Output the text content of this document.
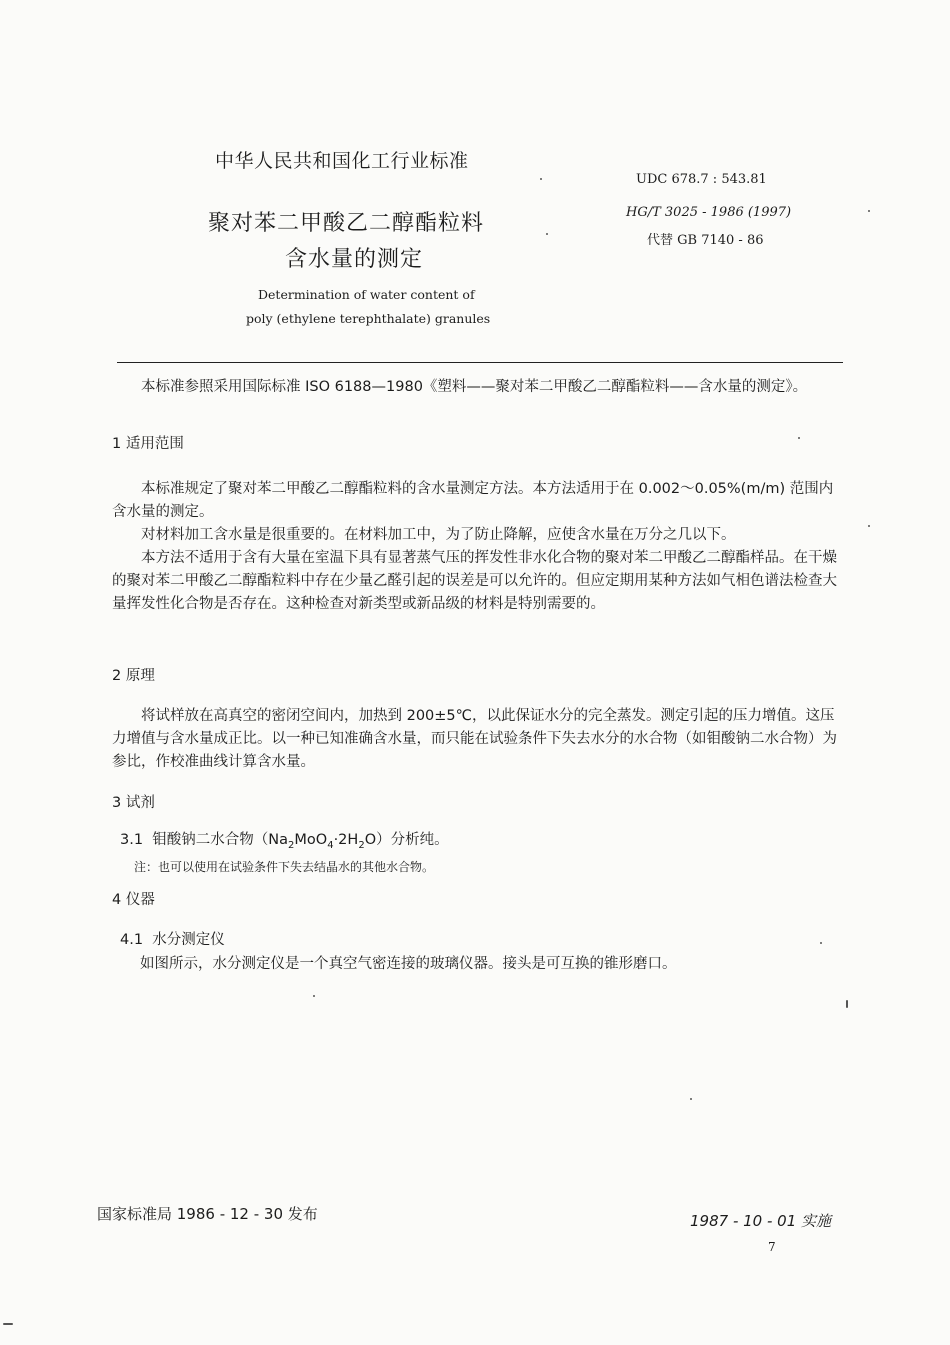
中华人民共和国化工行业标准
聚对苯二甲酸乙二醇酯粒料
含水量的测定
Determination of water content of
poly (ethylene terephthalate) granules
UDC 678.7 : 543.81
HG/T 3025 - 1986 (1997)
代替 GB 7140 - 86
本标准参照采用国际标准 ISO 6188—1980《塑料——聚对苯二甲酸乙二醇酯粒料——含水量的测定》。
1 适用范围
本标准规定了聚对苯二甲酸乙二醇酯粒料的含水量测定方法。本方法适用于在 0.002～0.05%(m/m) 范围内含水量的测定。
对材料加工含水量是很重要的。在材料加工中，为了防止降解，应使含水量在万分之几以下。
本方法不适用于含有大量在室温下具有显著蒸气压的挥发性非水化合物的聚对苯二甲酸乙二醇酯样品。在干燥的聚对苯二甲酸乙二醇酯粒料中存在少量乙醛引起的误差是可以允许的。但应定期用某种方法如气相色谱法检查大量挥发性化合物是否存在。这种检查对新类型或新品级的材料是特别需要的。
2 原理
将试样放在高真空的密闭空间内，加热到 200±5℃，以此保证水分的完全蒸发。测定引起的压力增值。这压力增值与含水量成正比。以一种已知准确含水量，而只能在试验条件下失去水分的水合物（如钼酸钠二水合物）为参比，作校准曲线计算含水量。
3 试剂
3.1 钼酸钠二水合物$(Na_2MoO_4\cdot 2H_2O)$分析纯。
注：也可以使用在试验条件下失去结晶水的其他水合物。
4 仪器
4.1 水分测定仪
如图所示，水分测定仪是一个真空气密连接的玻璃仪器。接头是可互换的锥形磨口。
国家标准局 1986 - 12 - 30 发布	1987 - 10 - 01 实施
7
